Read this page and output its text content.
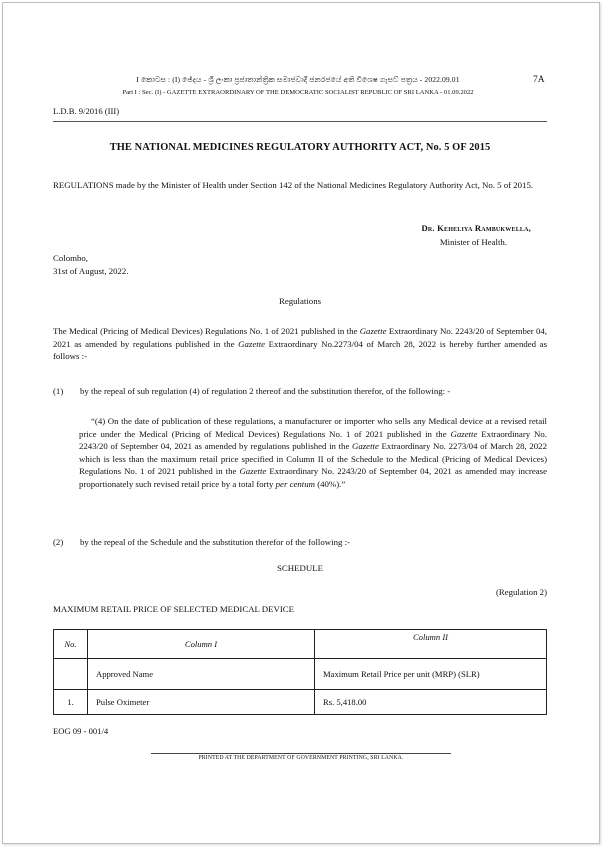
I කොටස : (I) ඡේදය - ශ්‍රී ලංකා ප්‍රජාතාන්ත්‍රික සමාජවාදී ජනරජයේ අති විශෙෂ ගැසට් පත්‍රය - 2022.09.01	7A
Part I : Sec. (I) - GAZETTE EXTRAORDINARY OF THE DEMOCRATIC SOCIALIST REPUBLIC OF SRI LANKA - 01.09.2022
L.D.B. 9/2016 (III)
THE NATIONAL MEDICINES REGULATORY AUTHORITY ACT, No. 5 OF 2015
REGULATIONS made by the Minister of Health under Section 142 of the National Medicines Regulatory Authority Act, No. 5 of 2015.
Dr. Keheliya Rambukwella,
Minister of Health.
Colombo,
31st of August, 2022.
Regulations
The Medical (Pricing of Medical Devices) Regulations No. 1 of 2021 published in the Gazette Extraordinary No. 2243/20 of September 04, 2021 as amended by regulations published in the Gazette Extraordinary No.2273/04 of March 28, 2022 is hereby further amended as follows :-
(1) by the repeal of sub regulation (4) of regulation 2 thereof and the substitution therefor, of the following: -
“(4) On the date of publication of these regulations, a manufacturer or importer who sells any Medical device at a revised retail price under the Medical (Pricing of Medical Devices) Regulations No. 1 of 2021 published in the Gazette Extraordinary No. 2243/20 of September 04, 2021 as amended by regulations published in the Gazette Extraordinary No. 2273/04 of March 28, 2022 which is less than the maximum retail price specified in Column II of the Schedule to the Medical (Pricing of Medical Devices) Regulations No. 1 of 2021 published in the Gazette Extraordinary No. 2243/20 of September 04, 2021 as amended may increase proportionately such revised retail price by a total forty per centum (40%).”
(2) by the repeal of the Schedule and the substitution therefor of the following :-
SCHEDULE
(Regulation 2)
MAXIMUM RETAIL PRICE OF SELECTED MEDICAL DEVICE
No.	Column I	Column II
	Approved Name	Maximum Retail Price per unit (MRP) (SLR)
1.	Pulse Oximeter	Rs. 5,418.00
EOG 09 - 001/4
PRINTED AT THE DEPARTMENT OF GOVERNMENT PRINTING, SRI LANKA.
